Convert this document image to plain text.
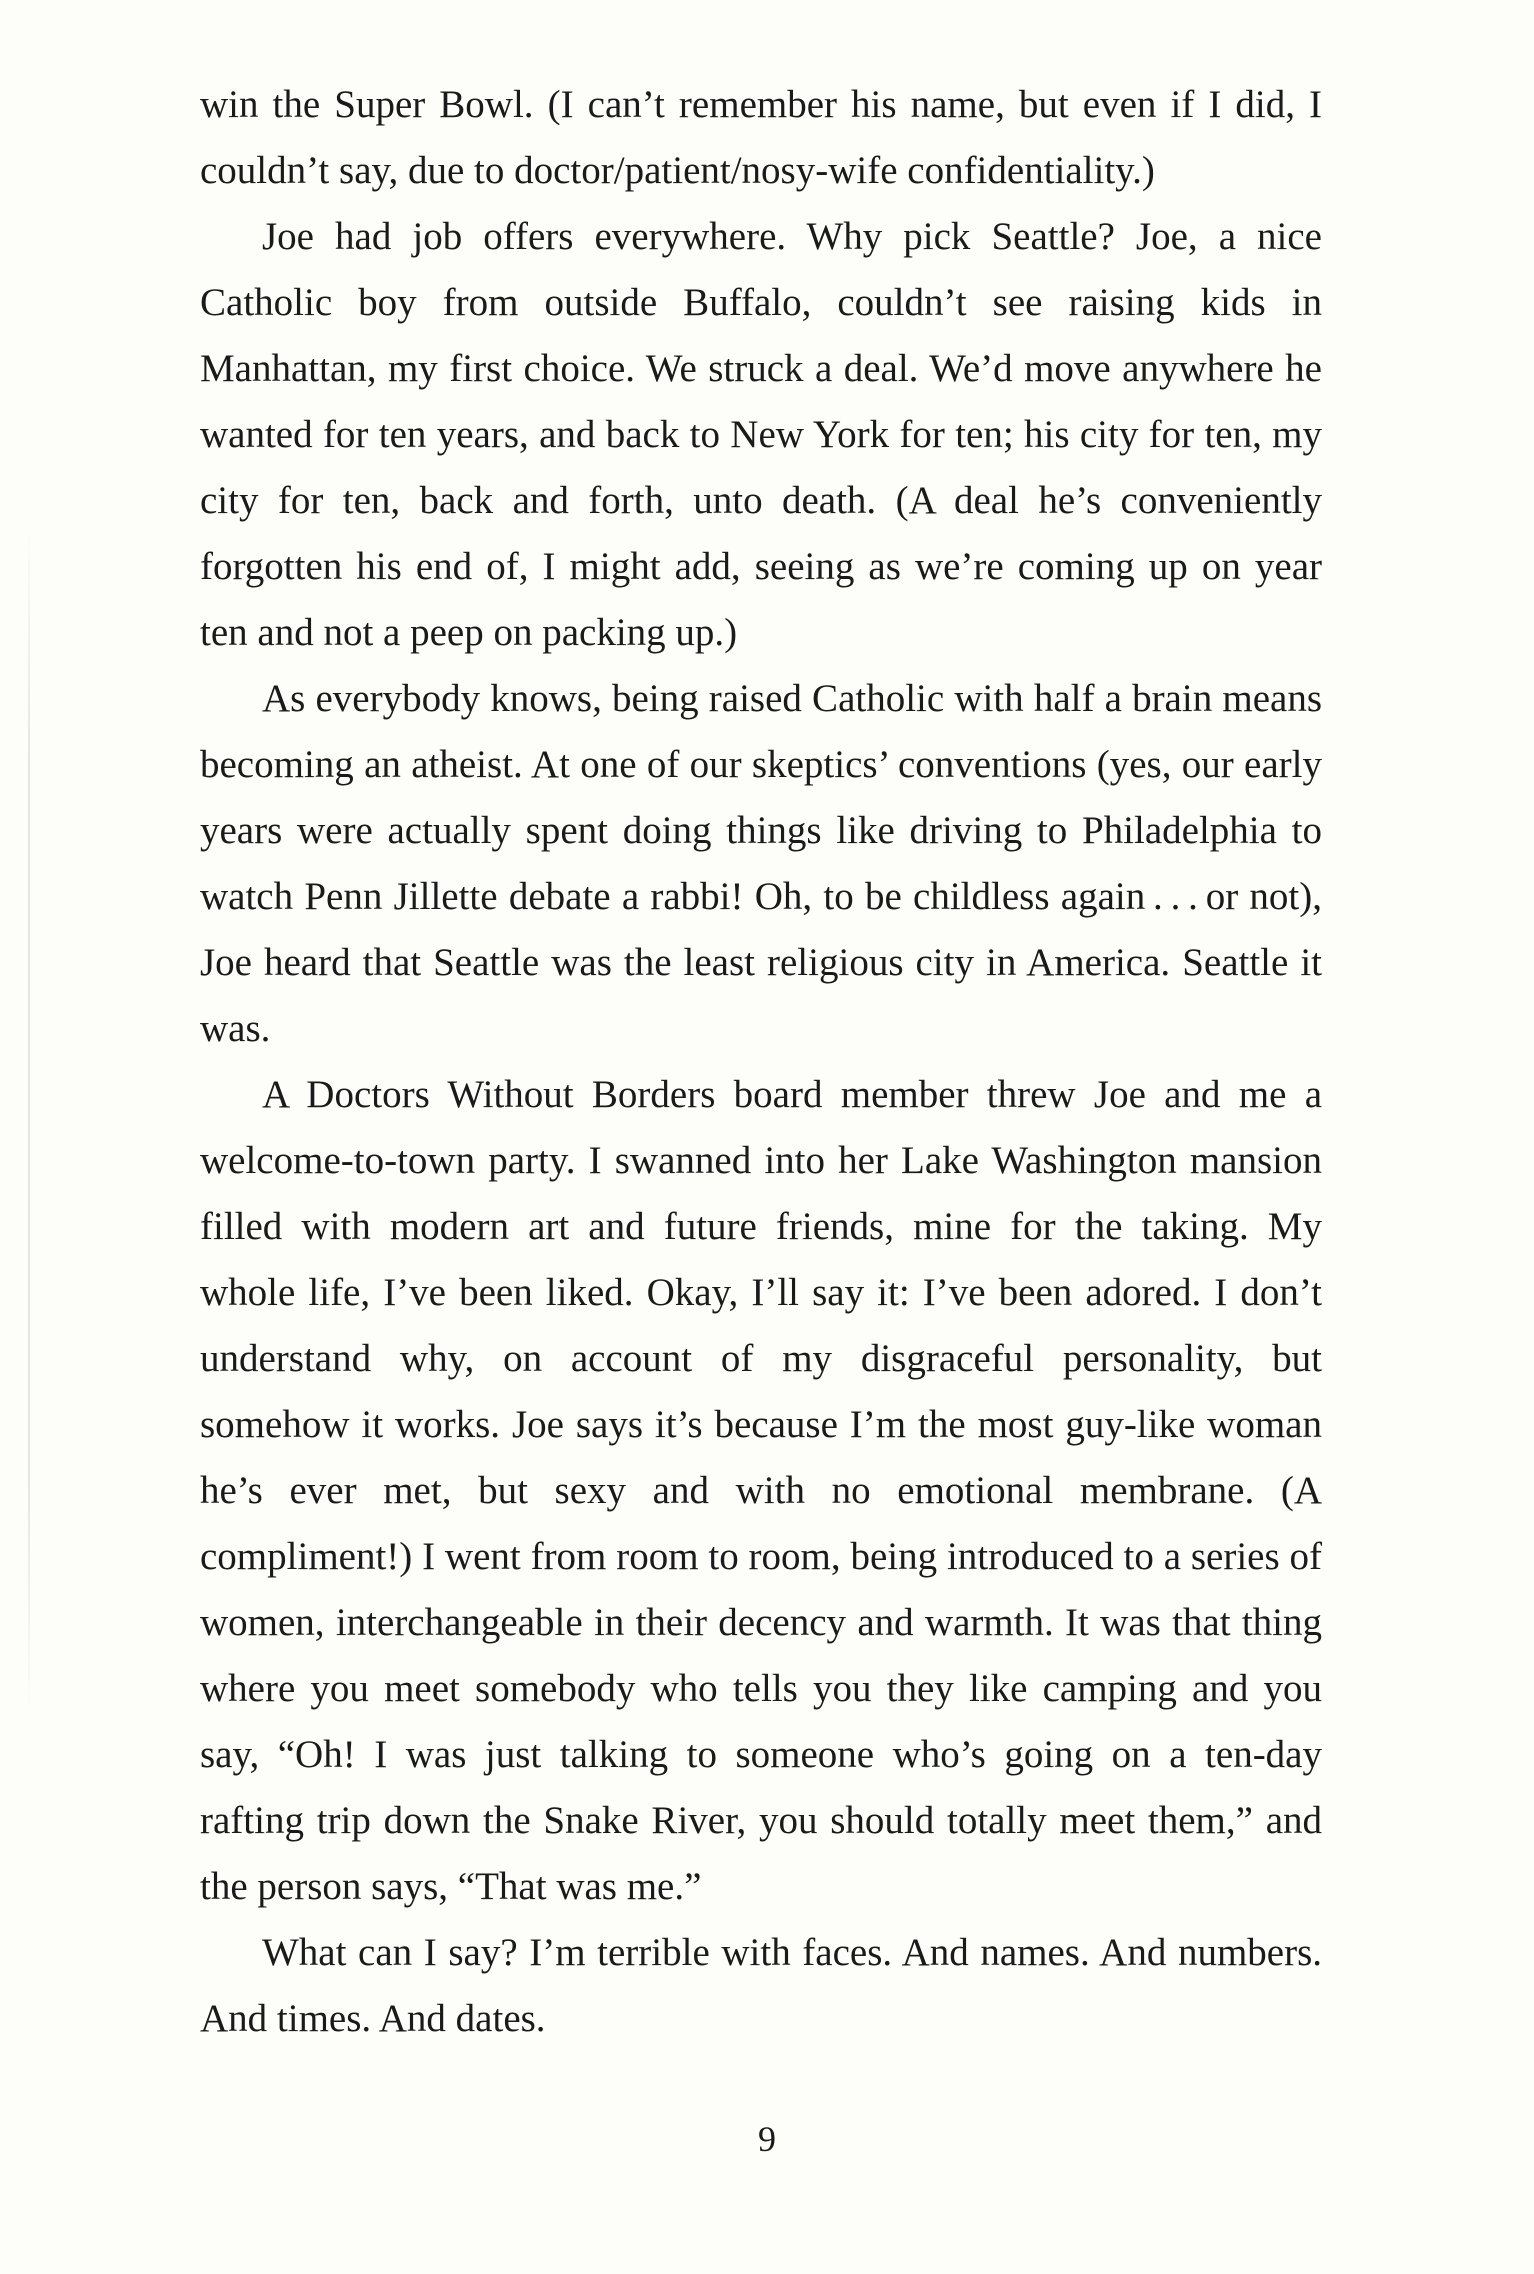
win the Super Bowl. (I can’t remember his name, but even if I did, I couldn’t say, due to doctor/patient/nosy-wife confidentiality.)

Joe had job offers everywhere. Why pick Seattle? Joe, a nice Catholic boy from outside Buffalo, couldn’t see raising kids in Manhattan, my first choice. We struck a deal. We’d move anywhere he wanted for ten years, and back to New York for ten; his city for ten, my city for ten, back and forth, unto death. (A deal he’s conveniently forgotten his end of, I might add, seeing as we’re coming up on year ten and not a peep on packing up.)

As everybody knows, being raised Catholic with half a brain means becoming an atheist. At one of our skeptics’ conventions (yes, our early years were actually spent doing things like driving to Philadelphia to watch Penn Jillette debate a rabbi! Oh, to be childless again . . . or not), Joe heard that Seattle was the least religious city in America. Seattle it was.

A Doctors Without Borders board member threw Joe and me a welcome-to-town party. I swanned into her Lake Washington mansion filled with modern art and future friends, mine for the taking. My whole life, I’ve been liked. Okay, I’ll say it: I’ve been adored. I don’t understand why, on account of my disgraceful personality, but somehow it works. Joe says it’s because I’m the most guy-like woman he’s ever met, but sexy and with no emotional membrane. (A compliment!) I went from room to room, being introduced to a series of women, interchangeable in their decency and warmth. It was that thing where you meet somebody who tells you they like camping and you say, “Oh! I was just talking to someone who’s going on a ten-day rafting trip down the Snake River, you should totally meet them,” and the person says, “That was me.”

What can I say? I’m terrible with faces. And names. And numbers. And times. And dates.

9
